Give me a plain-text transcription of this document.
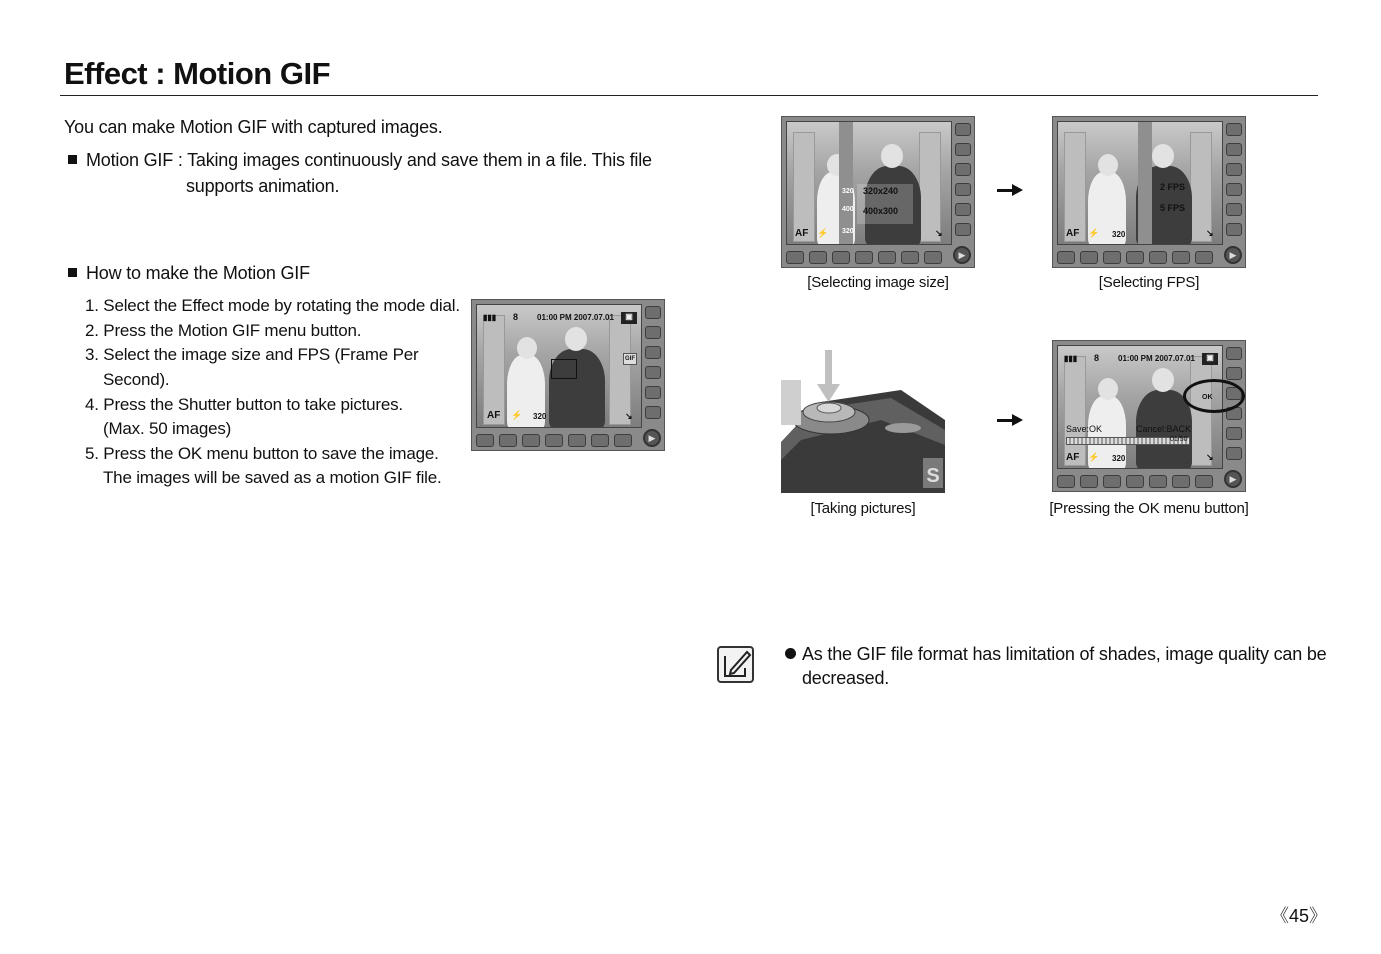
Effect : Motion GIF
You can make Motion GIF with captured images.
Motion GIF : Taking images continuously and save them in a file. This file
supports animation.
How to make the Motion GIF
1. Select the Effect mode by rotating the mode dial.
2. Press the Motion GIF menu button.
3. Select the image size and FPS (Frame Per
Second).
4. Press the Shutter button to take pictures.
(Max. 50 images)
5. Press the OK menu button to save the image.
The images will be saved as a motion GIF file.
▮▮▮ 8 01:00 PM 2007.07.01	▣
GIF
AF ⚡ 320	↘
▶
320
400
320
320x240
400x300
AF ⚡	↘
▶
[Selecting image size]
2 FPS
5 FPS
AF ⚡ 320	↘
▶
[Selecting FPS]
S
[Taking pictures]
▮▮▮ 8 01:00 PM 2007.07.01	▣
OK
Save:OK	Cancel:BACK
01/50
AF ⚡ 320	↘
▶
[Pressing the OK menu button]
As the GIF file format has limitation of shades, image quality can be
decreased.
《45》
